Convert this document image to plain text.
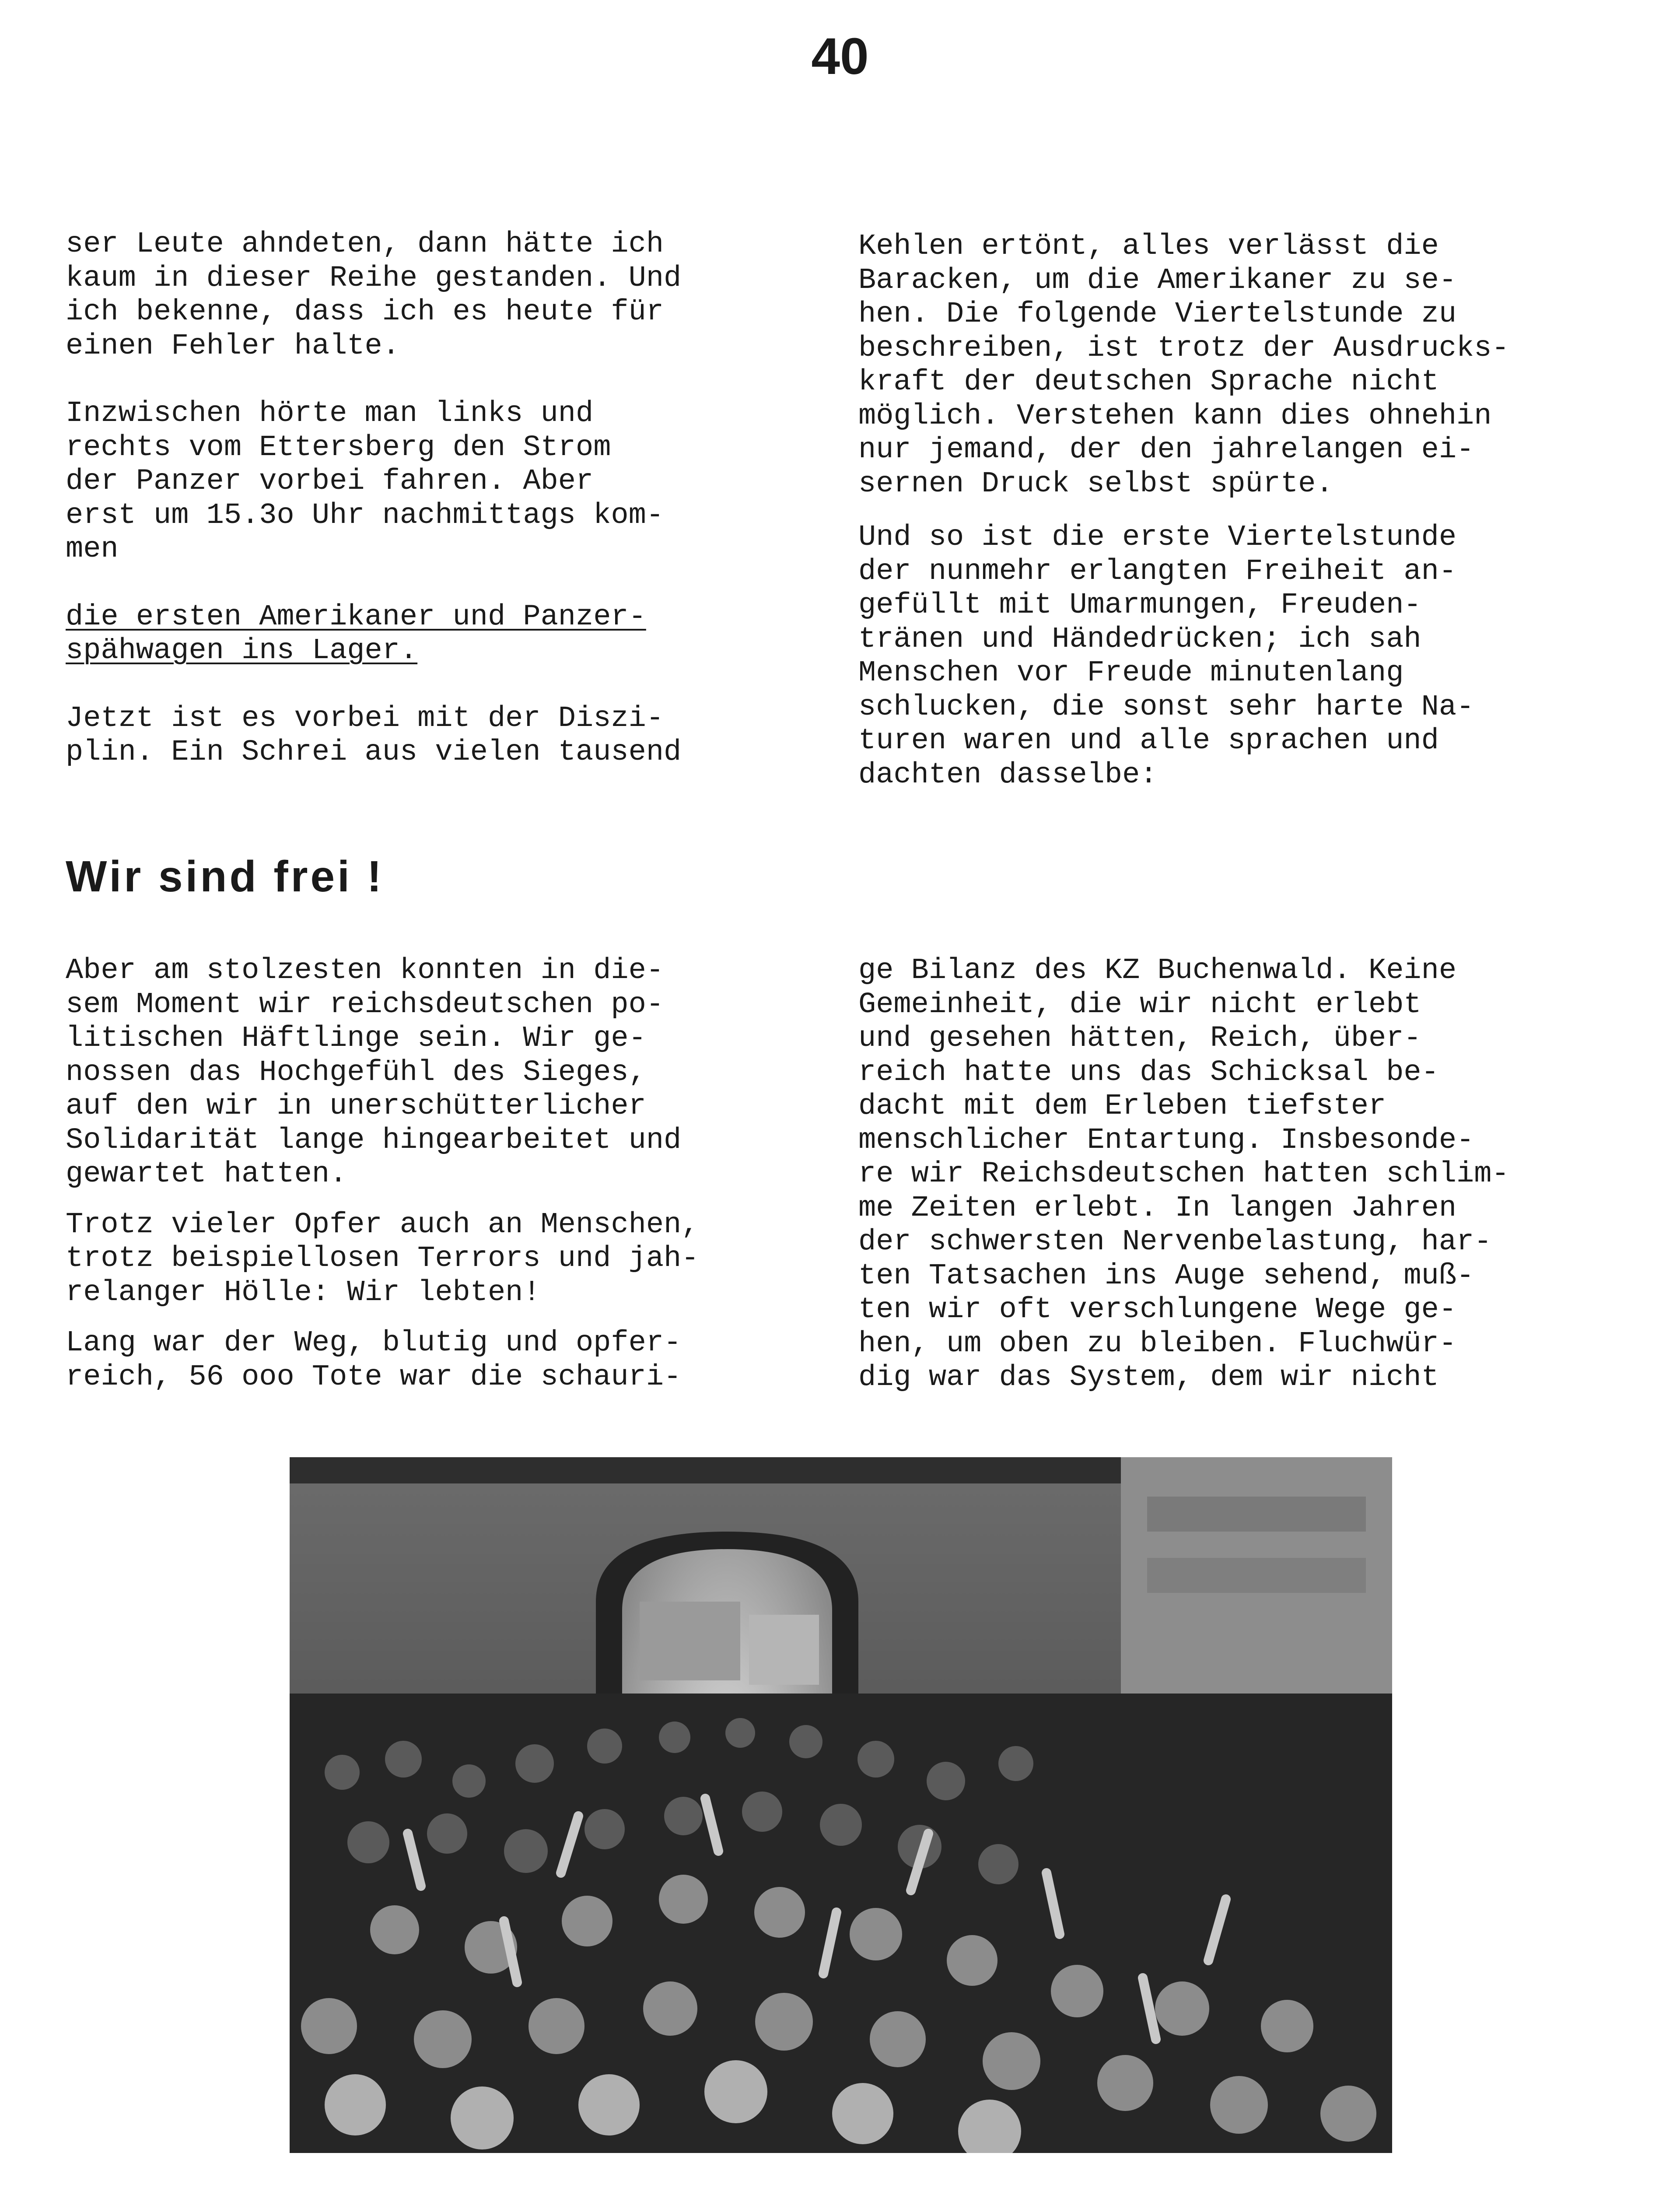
40

ser Leute ahndeten, dann hätte ich

kaum in dieser Reihe gestanden. Und

ich bekenne, dass ich es heute für

einen Fehler halte.

Inzwischen hörte man links und

rechts vom Ettersberg den Strom

der Panzer vorbei fahren. Aber

erst um 15.3o Uhr nachmittags kom-

men

die ersten Amerikaner und Panzer-

spähwagen ins Lager.

Jetzt ist es vorbei mit der Diszi-

plin. Ein Schrei aus vielen tausend

Kehlen ertönt, alles verlässt die

Baracken, um die Amerikaner zu se-

hen. Die folgende Viertelstunde zu

beschreiben, ist trotz der Ausdrucks-

kraft der deutschen Sprache nicht

möglich. Verstehen kann dies ohnehin

nur jemand, der den jahrelangen ei-

sernen Druck selbst spürte.

Und so ist die erste Viertelstunde

der nunmehr erlangten Freiheit an-

gefüllt mit Umarmungen, Freuden-

tränen und Händedrücken; ich sah

Menschen vor Freude minutenlang

schlucken, die sonst sehr harte Na-

turen waren und alle sprachen und

dachten dasselbe:

Wir sind frei !

Aber am stolzesten konnten in die-

sem Moment wir reichsdeutschen po-

litischen Häftlinge sein. Wir ge-

nossen das Hochgefühl des Sieges,

auf den wir in unerschütterlicher

Solidarität lange hingearbeitet und

gewartet hatten.

Trotz vieler Opfer auch an Menschen,

trotz beispiellosen Terrors und jah-

relanger Hölle: Wir lebten!

Lang war der Weg, blutig und opfer-

reich, 56 ooo Tote war die schauri-

ge Bilanz des KZ Buchenwald. Keine

Gemeinheit, die wir nicht erlebt

und gesehen hätten, Reich, über-

reich hatte uns das Schicksal be-

dacht mit dem Erleben tiefster

menschlicher Entartung. Insbesonde-

re wir Reichsdeutschen hatten schlim-

me Zeiten erlebt. In langen Jahren

der schwersten Nervenbelastung, har-

ten Tatsachen ins Auge sehend, muß-

ten wir oft verschlungene Wege ge-

hen, um oben zu bleiben. Fluchwür-

dig war das System, dem wir nicht
